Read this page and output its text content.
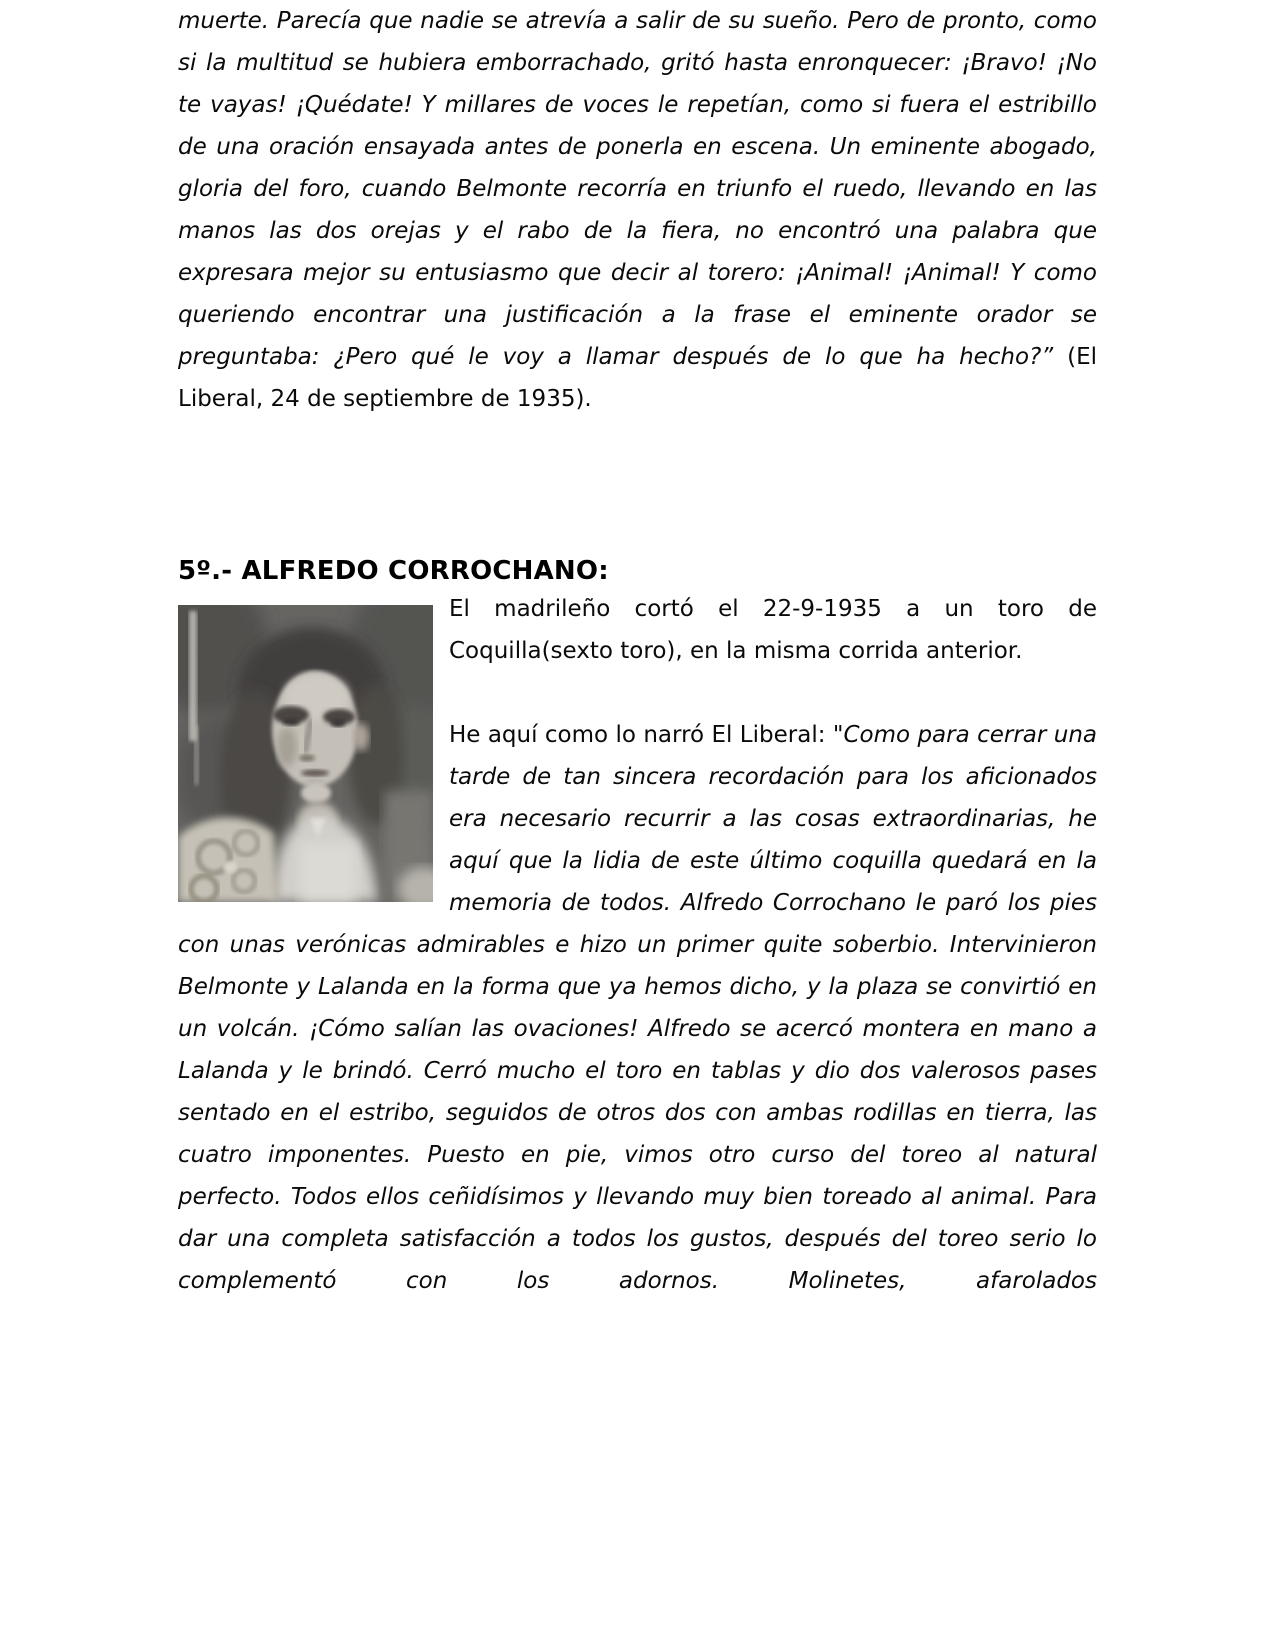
muerte. Parecía que nadie se atrevía a salir de su sueño. Pero de pronto, como si la multitud se hubiera emborrachado, gritó hasta enronquecer: ¡Bravo! ¡No te vayas! ¡Quédate! Y millares de voces le repetían, como si fuera el estribillo de una oración ensayada antes de ponerla en escena. Un eminente abogado, gloria del foro, cuando Belmonte recorría en triunfo el ruedo, llevando en las manos las dos orejas y el rabo de la fiera, no encontró una palabra que expresara mejor su entusiasmo que decir al torero: ¡Animal! ¡Animal! Y como queriendo encontrar una justificación a la frase el eminente orador se preguntaba: ¿Pero qué le voy a llamar después de lo que ha hecho?” (El Liberal, 24 de septiembre de 1935).

5º.- ALFREDO CORROCHANO:

El madrileño cortó el 22-9-1935 a un toro de Coquilla(sexto toro), en la misma corrida anterior.

He aquí como lo narró El Liberal: "Como para cerrar una tarde de tan sincera recordación para los aficionados era necesario recurrir a las cosas extraordinarias, he aquí que la lidia de este último coquilla quedará en la memoria de todos. Alfredo Corrochano le paró los pies con unas verónicas admirables e hizo un primer quite soberbio. Intervinieron Belmonte y Lalanda en la forma que ya hemos dicho, y la plaza se convirtió en un volcán. ¡Cómo salían las ovaciones! Alfredo se acercó montera en mano a Lalanda y le brindó. Cerró mucho el toro en tablas y dio dos valerosos pases sentado en el estribo, seguidos de otros dos con ambas rodillas en tierra, las cuatro imponentes. Puesto en pie, vimos otro curso del toreo al natural perfecto. Todos ellos ceñidísimos y llevando muy bien toreado al animal. Para dar una completa satisfacción a todos los gustos, después del toreo serio lo complementó con los adornos. Molinetes, afarolados
